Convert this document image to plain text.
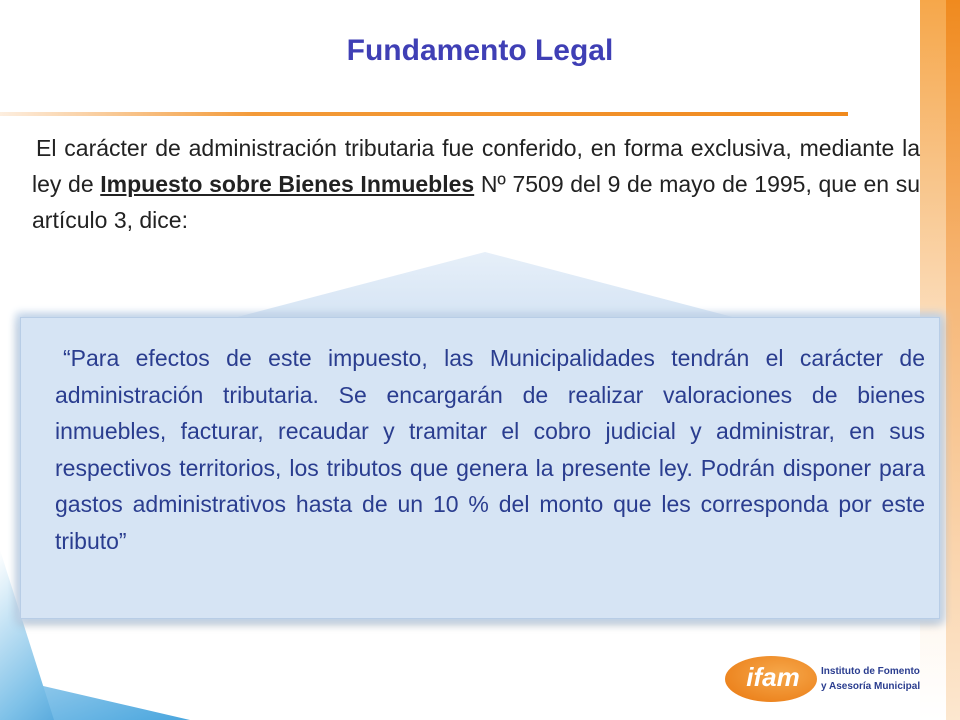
Fundamento Legal
El carácter de administración tributaria fue conferido, en forma exclusiva, mediante la ley de Impuesto sobre Bienes Inmuebles Nº 7509 del 9 de mayo de 1995, que en su artículo 3, dice:
“Para efectos de este impuesto, las Municipalidades tendrán el carácter de administración tributaria. Se encargarán de realizar valoraciones de bienes inmuebles, facturar, recaudar y tramitar el cobro judicial y administrar, en sus respectivos territorios, los tributos que genera la presente ley. Podrán disponer para gastos administrativos hasta de un 10 % del monto que les corresponda por este tributo”
ifam	Instituto de Fomento
y Asesoría Municipal
